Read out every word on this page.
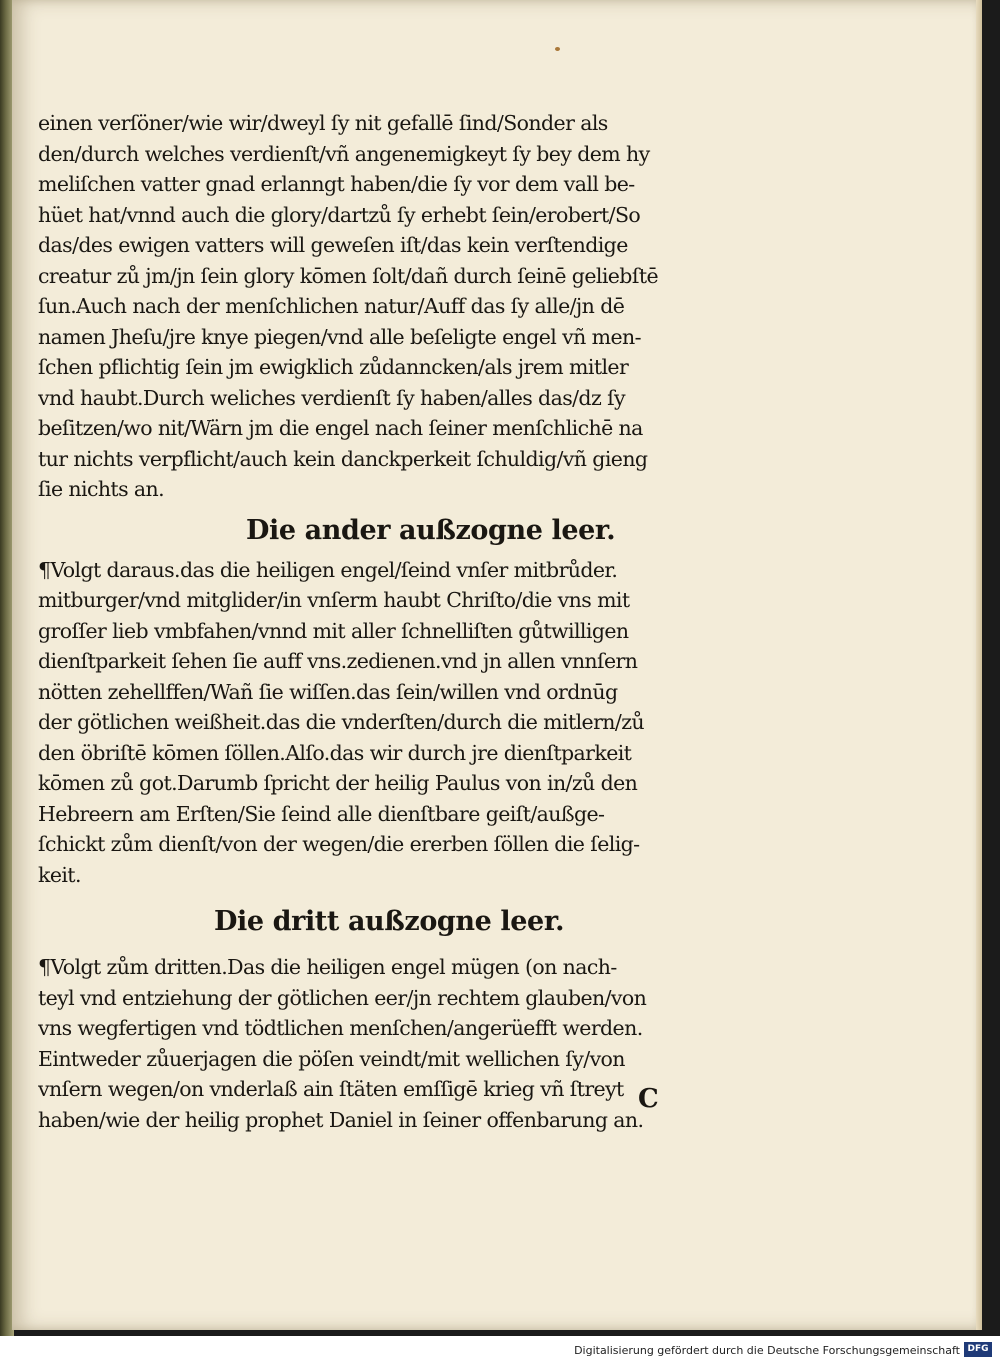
einen verſöner/wie wir/dweyl ſy nit gefallē ſind/Sonder als
den/durch welches verdienſt/vñ angenemigkeyt ſy bey dem hy
meliſchen vatter gnad erlanngt haben/die ſy vor dem vall be-
hüet hat/vnnd auch die glory/dartzů ſy erhebt ſein/erobert/So
das/des ewigen vatters will geweſen iſt/das kein verſtendige
creatur zů jm/jn ſein glory kōmen ſolt/dañ durch ſeinē geliebſtē
ſun.Auch nach der menſchlichen natur/Auff das ſy alle/jn dē
namen Jheſu/jre knye piegen/vnd alle beſeligte engel vñ men-
ſchen pflichtig ſein jm ewigklich zůdanncken/als jrem mitler
vnd haubt.Durch weliches verdienſt ſy haben/alles das/dz ſy
beſitzen/wo nit/Wärn jm die engel nach ſeiner menſchlichē na
tur nichts verpflicht/auch kein danckperkeit ſchuldig/vñ gieng
ſie nichts an.
Die ander außzogne leer.
¶Volgt daraus.das die heiligen engel/ſeind vnſer mitbrůder.
mitburger/vnd mitglider/in vnſerm haubt Chriſto/die vns mit
groſſer lieb vmbfahen/vnnd mit aller ſchnelliſten gůtwilligen
dienſtparkeit ſehen ſie auff vns.zedienen.vnd jn allen vnnſern
nötten zehellffen/Wañ ſie wiſſen.das ſein/willen vnd ordnūg
der götlichen weißheit.das die vnderſten/durch die mitlern/zů
den öbriſtē kōmen ſöllen.Alſo.das wir durch jre dienſtparkeit
kōmen zů got.Darumb ſpricht der heilig Paulus von in/zů den
Hebreern am Erſten/Sie ſeind alle dienſtbare geiſt/außge-
ſchickt zům dienſt/von der wegen/die ererben ſöllen die ſelig-
keit.
Die dritt außzogne leer.
¶Volgt zům dritten.Das die heiligen engel mügen (on nach-
teyl vnd entziehung der götlichen eer/jn rechtem glauben/von
vns wegfertigen vnd tödtlichen menſchen/angerüefft werden.
Eintweder zůuerjagen die pöſen veindt/mit wellichen ſy/von
vnſern wegen/on vnderlaß ain ſtäten emſſigē krieg vñ ſtreyt
haben/wie der heilig prophet Daniel in ſeiner offenbarung an.
C
Digitalisierung gefördert durch die Deutsche Forschungsgemeinschaft DFG
